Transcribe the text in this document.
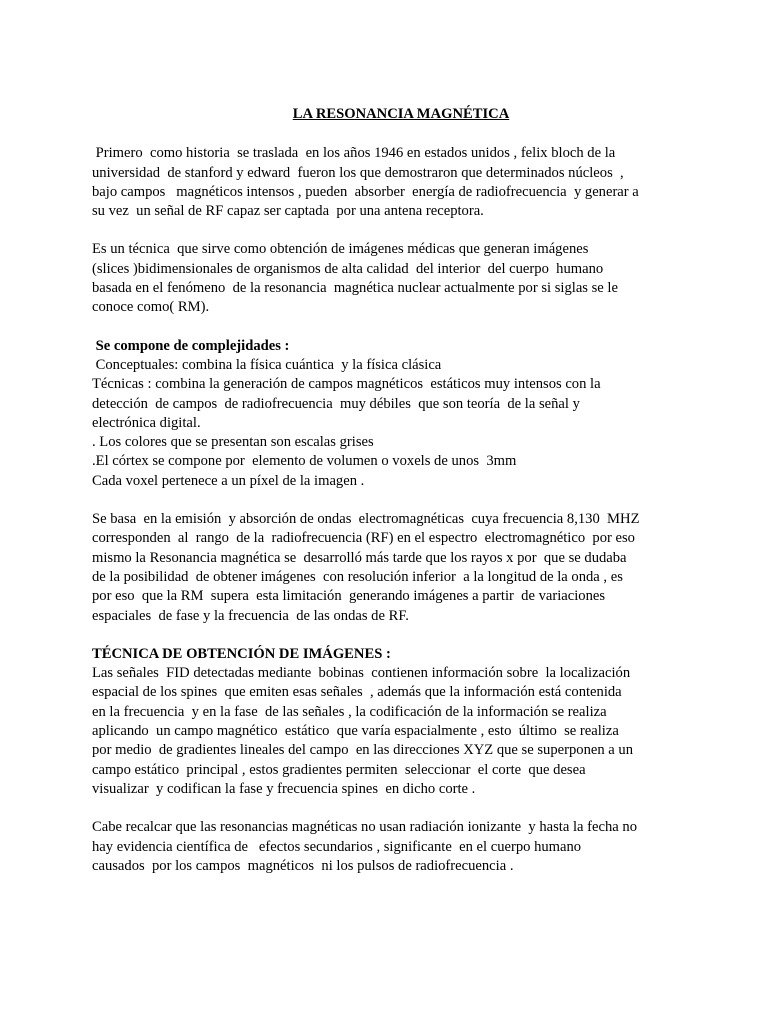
LA RESONANCIA MAGNÉTICA
Primero  como historia  se traslada  en los años 1946 en estados unidos , felix bloch de la
universidad  de stanford y edward  fueron los que demostraron que determinados núcleos  ,
bajo campos   magnéticos intensos , pueden  absorber  energía de radiofrecuencia  y generar a
su vez  un señal de RF capaz ser captada  por una antena receptora.
Es un técnica  que sirve como obtención de imágenes médicas que generan imágenes
(slices )bidimensionales de organismos de alta calidad  del interior  del cuerpo  humano
basada en el fenómeno  de la resonancia  magnética nuclear actualmente por si siglas se le
conoce como( RM).
Se compone de complejidades :
Conceptuales: combina la física cuántica  y la física clásica
Técnicas : combina la generación de campos magnéticos  estáticos muy intensos con la
detección  de campos  de radiofrecuencia  muy débiles  que son teoría  de la señal y
electrónica digital.
. Los colores que se presentan son escalas grises
.El córtex se compone por  elemento de volumen o voxels de unos  3mm
Cada voxel pertenece a un píxel de la imagen .
Se basa  en la emisión  y absorción de ondas  electromagnéticas  cuya frecuencia 8,130  MHZ
corresponden  al  rango  de la  radiofrecuencia (RF) en el espectro  electromagnético  por eso
mismo la Resonancia magnética se  desarrolló más tarde que los rayos x por  que se dudaba
de la posibilidad  de obtener imágenes  con resolución inferior  a la longitud de la onda , es
por eso  que la RM  supera  esta limitación  generando imágenes a partir  de variaciones
espaciales  de fase y la frecuencia  de las ondas de RF.
TÉCNICA DE OBTENCIÓN DE IMÁGENES :
Las señales  FID detectadas mediante  bobinas  contienen información sobre  la localización
espacial de los spines  que emiten esas señales  , además que la información está contenida
en la frecuencia  y en la fase  de las señales , la codificación de la información se realiza
aplicando  un campo magnético  estático  que varía espacialmente , esto  último  se realiza
por medio  de gradientes lineales del campo  en las direcciones XYZ que se superponen a un
campo estático  principal , estos gradientes permiten  seleccionar  el corte  que desea
visualizar  y codifican la fase y frecuencia spines  en dicho corte .
Cabe recalcar que las resonancias magnéticas no usan radiación ionizante  y hasta la fecha no
hay evidencia científica de   efectos secundarios , significante  en el cuerpo humano
causados  por los campos  magnéticos  ni los pulsos de radiofrecuencia .
